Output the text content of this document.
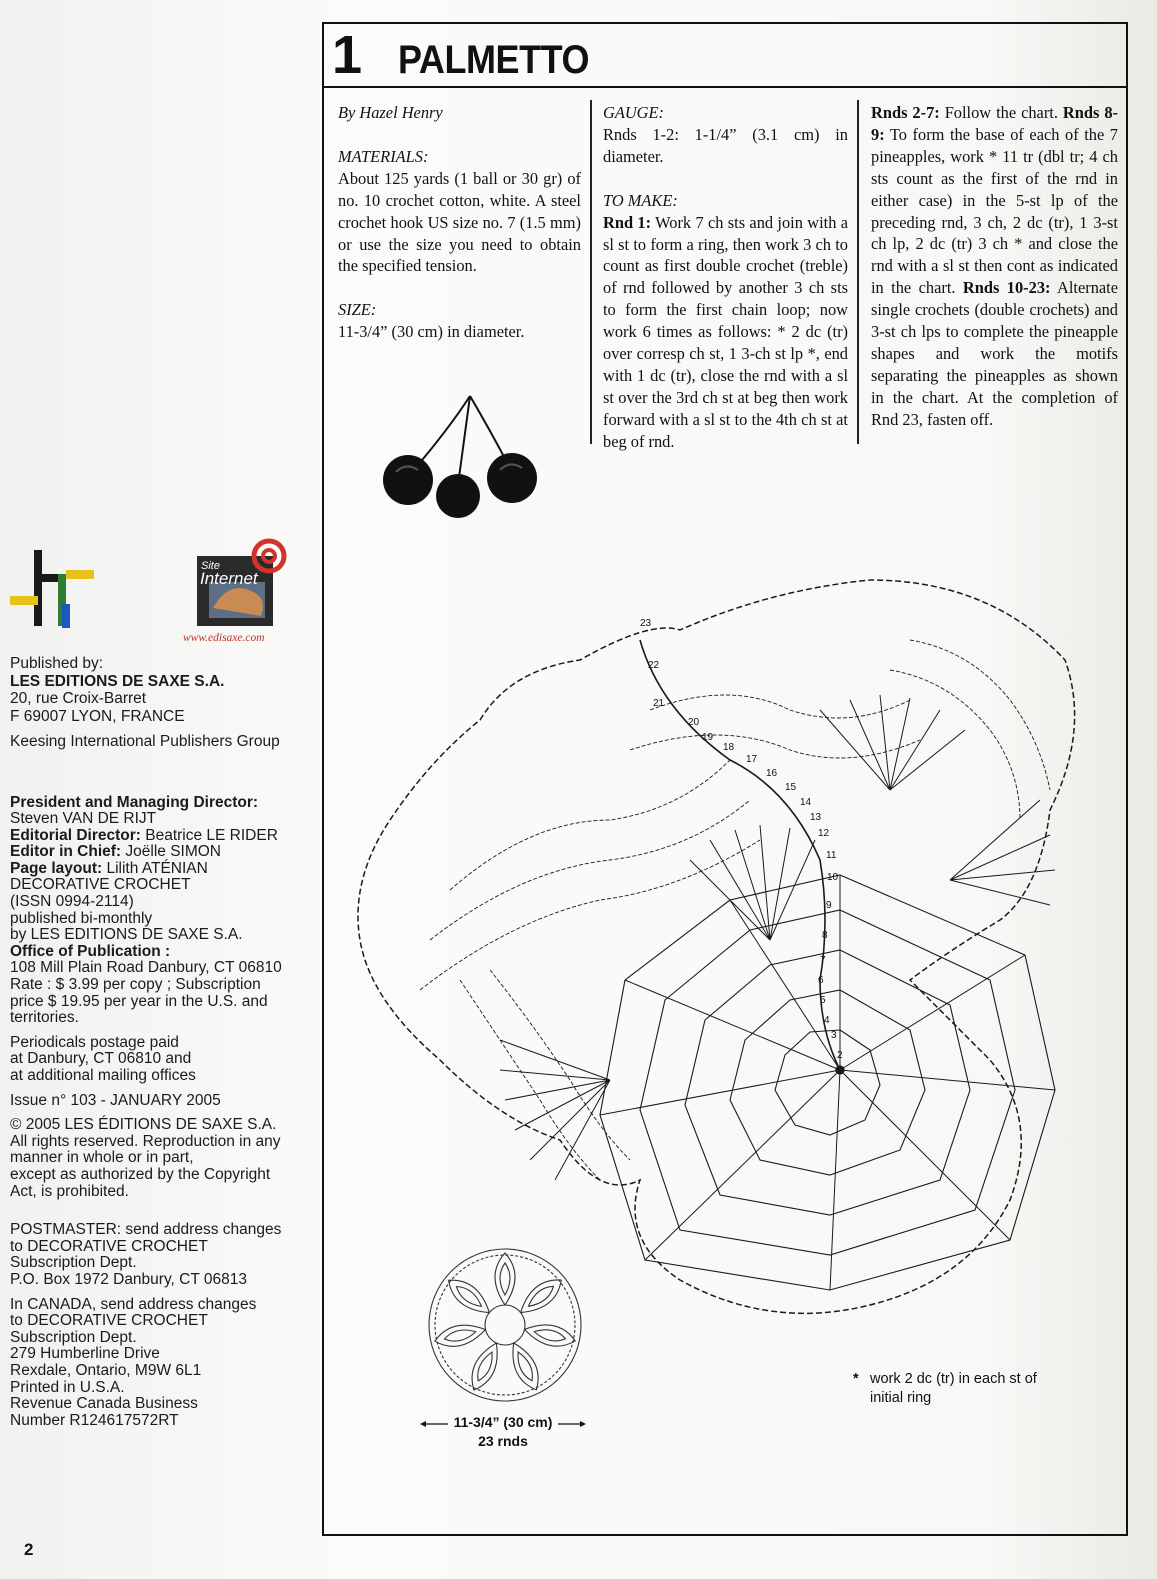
Site
Internet
www.edisaxe.com
Published by:
LES EDITIONS DE SAXE S.A.
20, rue Croix-Barret
F 69007 LYON, FRANCE
Keesing International Publishers Group
President and Managing Director:
Steven VAN DE RIJT
Editorial Director: Beatrice LE RIDER
Editor in Chief: Joëlle SIMON
Page layout: Lilith ATÉNIAN
DECORATIVE CROCHET
(ISSN 0994-2114)
published bi-monthly
by LES EDITIONS DE SAXE S.A.
Office of Publication :
108 Mill Plain Road Danbury, CT 06810
Rate : $ 3.99 per copy ; Subscription
price $ 19.95 per year in the U.S. and
territories.
Periodicals postage paid
at Danbury, CT 06810 and
at additional mailing offices
Issue n° 103 - JANUARY 2005
© 2005 LES ÉDITIONS DE SAXE S.A.
All rights reserved. Reproduction in any
manner in whole or in part,
except as authorized by the Copyright
Act, is prohibited.
POSTMASTER: send address changes
to DECORATIVE CROCHET
Subscription Dept.
P.O. Box 1972 Danbury, CT 06813
In CANADA, send address changes
to DECORATIVE CROCHET
Subscription Dept.
279 Humberline Drive
Rexdale, Ontario, M9W 6L1
Printed in U.S.A.
Revenue Canada Business
Number R124617572RT
2
1 PALMETTO

By Hazel Henry

MATERIALS:

About 125 yards (1 ball or 30 gr) of no. 10 crochet cotton, white. A steel crochet hook US size no. 7 (1.5 mm) or use the size you need to obtain the specified tension.

SIZE:

11-3/4” (30 cm) in diameter.

GAUGE:

Rnds 1-2: 1-1/4” (3.1 cm) in diameter.

TO MAKE:

Rnd 1: Work 7 ch sts and join with a sl st to form a ring, then work 3 ch to count as first double crochet (treble) of rnd followed by another 3 ch sts to form the first chain loop; now work 6 times as follows: * 2 dc (tr) over corresp ch st, 1 3-ch st lp *, end with 1 dc (tr), close the rnd with a sl st over the 3rd ch st at beg then work forward with a sl st to the 4th ch st at beg of rnd.

Rnds 2-7: Follow the chart. Rnds 8-9: To form the base of each of the 7 pineapples, work * 11 tr (dbl tr; 4 ch sts count as the first of the rnd in either case) in the 5-st lp of the preceding rnd, 3 ch, 2 dc (tr), 1 3-st ch lp, 2 dc (tr) 3 ch * and close the rnd with a sl st then cont as indicated in the chart. Rnds 10-23: Alternate single crochets (double crochets) and 3-st ch lps to complete the pineapple shapes and work the motifs separating the pineapples as shown in the chart. At the completion of Rnd 23, fasten off.

2
3
4
5
6
7
8
9
10
11
12
13
14
15
16
17
18
19
20
21
22
23
11-3/4” (30 cm)
23 rnds
* work 2 dc (tr) in each st of initial ring
